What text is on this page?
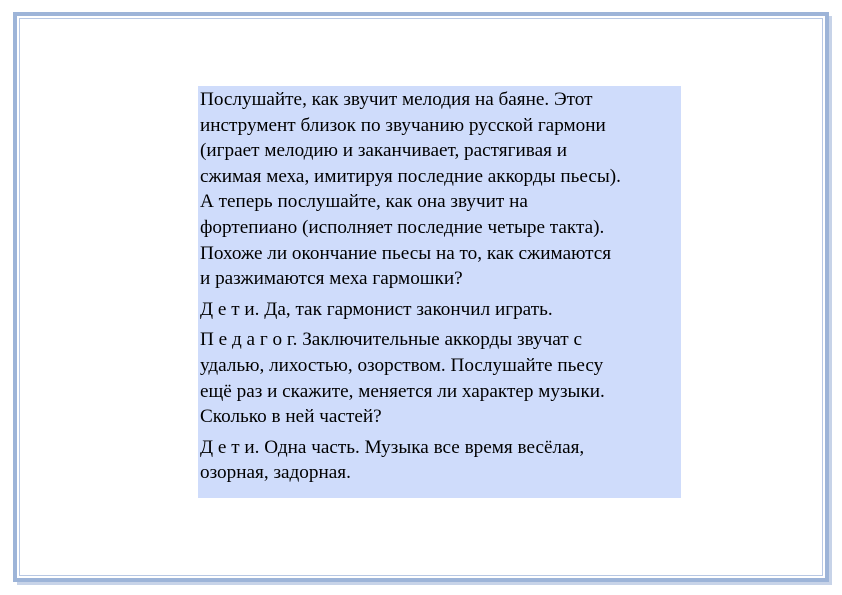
Послушайте, как звучит мелодия на баяне. Этот
инструмент близок по звучанию русской гармони
(играет мелодию и заканчивает, растягивая и
сжимая меха, имитируя последние аккорды пьесы).
А теперь послушайте, как она звучит на
фортепиано (исполняет последние четыре такта).
Похоже ли окончание пьесы на то, как сжимаются
и разжимаются меха гармошки?

Д е т и. Да, так гармонист закончил играть.

П е д а г о г. Заключительные аккорды звучат с
удалью, лихостью, озорством. Послушайте пьесу
ещё раз и скажите, меняется ли характер музыки.
Сколько в ней частей?

Д е т и. Одна часть. Музыка все время весёлая,
озорная, задорная.
